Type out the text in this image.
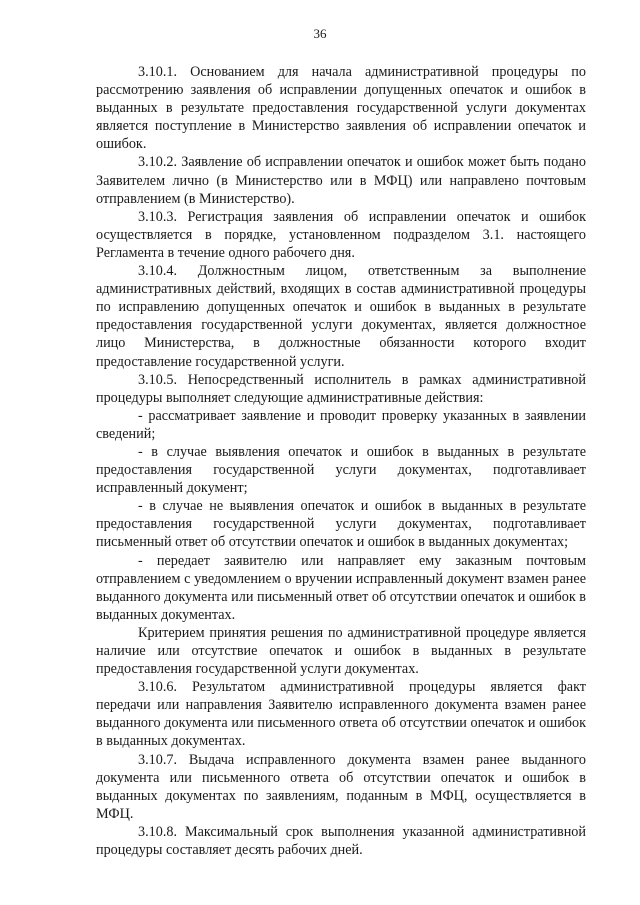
36

3.10.1. Основанием для начала административной процедуры по рассмотрению заявления об исправлении допущенных опечаток и ошибок в выданных в результате предоставления государственной услуги документах является поступление в Министерство заявления об исправлении опечаток и ошибок.

3.10.2. Заявление об исправлении опечаток и ошибок может быть подано Заявителем лично (в Министерство или в МФЦ) или направлено почтовым отправлением (в Министерство).

3.10.3. Регистрация заявления об исправлении опечаток и ошибок осуществляется в порядке, установленном подразделом 3.1. настоящего Регламента в течение одного рабочего дня.

3.10.4. Должностным лицом, ответственным за выполнение административных действий, входящих в состав административной процедуры по исправлению допущенных опечаток и ошибок в выданных в результате предоставления государственной услуги документах, является должностное лицо Министерства, в должностные обязанности которого входит предоставление государственной услуги.

3.10.5. Непосредственный исполнитель в рамках административной процедуры выполняет следующие административные действия:

- рассматривает заявление и проводит проверку указанных в заявлении сведений;

- в случае выявления опечаток и ошибок в выданных в результате предоставления государственной услуги документах, подготавливает исправленный документ;

- в случае не выявления опечаток и ошибок в выданных в результате предоставления государственной услуги документах, подготавливает письменный ответ об отсутствии опечаток и ошибок в выданных документах;

- передает заявителю или направляет ему заказным почтовым отправлением с уведомлением о вручении исправленный документ взамен ранее выданного документа или письменный ответ об отсутствии опечаток и ошибок в выданных документах.

Критерием принятия решения по административной процедуре является наличие или отсутствие опечаток и ошибок в выданных в результате предоставления государственной услуги документах.

3.10.6. Результатом административной процедуры является факт передачи или направления Заявителю исправленного документа взамен ранее выданного документа или письменного ответа об отсутствии опечаток и ошибок в выданных документах.

3.10.7. Выдача исправленного документа взамен ранее выданного документа или письменного ответа об отсутствии опечаток и ошибок в выданных документах по заявлениям, поданным в МФЦ, осуществляется в МФЦ.

3.10.8. Максимальный срок выполнения указанной административной процедуры составляет десять рабочих дней.
